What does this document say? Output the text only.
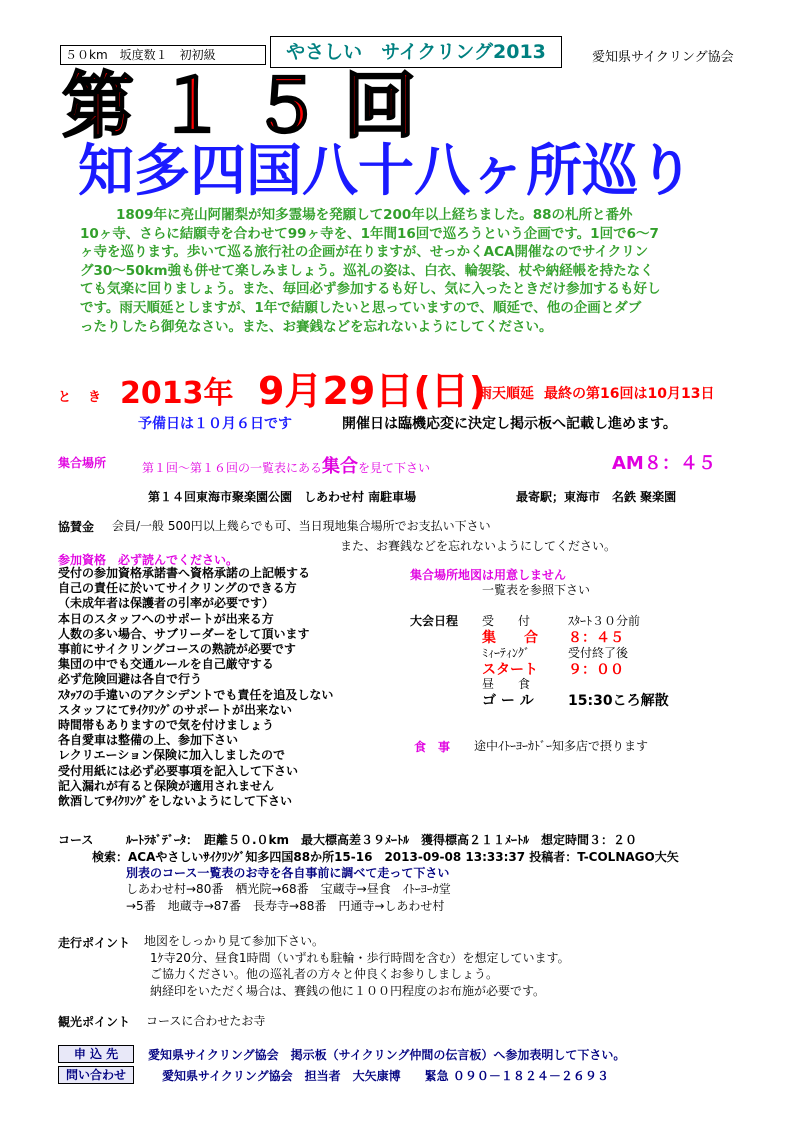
５０km　坂度数１　初初級	やさしい　サイクリング2013	愛知県サイクリング協会
第１５回
知多四国八十八ヶ所巡り
1809年に亮山阿闍梨が知多霊場を発願して200年以上経ちました。88の札所と番外
10ヶ寺、さらに結願寺を合わせて99ヶ寺を、1年間16回で巡ろうという企画です。1回で6～7
ヶ寺を巡ります。歩いて巡る旅行社の企画が在りますが、せっかくACA開催なのでサイクリン
グ30～50km強も併せて楽しみましょう。巡礼の姿は、白衣、輪袈裟、杖や納経帳を持たなく
ても気楽に回りましょう。また、毎回必ず参加するも好し、気に入ったときだけ参加するも好し
です。雨天順延としますが、1年で結願したいと思っていますので、順延で、他の企画とダブ
ったりしたら御免なさい。また、お賽銭などを忘れないようにしてください。
と　き 2013年 9月29日(日)
雨天順延 最終の第16回は10月13日
予備日は１０月６日です	開催日は臨機応変に決定し掲示板へ記載し進めます。
集合場所	第１回～第１６回の一覧表にある集合を見て下さい	AM８：４５
第１４回東海市聚楽園公園　しあわせ村 南駐車場	最寄駅；東海市　名鉄 聚楽園
協賛金 会員/一般 500円以上幾らでも可、当日現地集合場所でお支払い下さい
また、お賽銭などを忘れないようにしてください。
参加資格　必ず読んでください。
受付の参加資格承諾書へ資格承諾の上記帳する
自己の責任に於いてサイクリングのできる方
（未成年者は保護者の引率が必要です）
本日のスタッフへのサポートが出来る方
人数の多い場合、サブリーダーをして頂います
事前にサイクリングコースの熟読が必要です
集団の中でも交通ルールを自己厳守する
必ず危険回避は各自で行う
ｽﾀｯﾌの手違いのアクシデントでも責任を追及しない
スタッフにてｻｲｸﾘﾝｸﾞのサポートが出来ない
時間帯もありますので気を付けましょう
各自愛車は整備の上、参加下さい
レクリエーション保険に加入しましたので
受付用紙には必ず必要事項を記入して下さい
記入漏れが有ると保険が適用されません
飲酒してｻｲｸﾘﾝｸﾞをしないようにして下さい
集合場所地図は用意しません
一覧表を参照下さい
大会日程 受　　付	ｽﾀｰﾄ３０分前
集　　合 ８：４５
ﾐｨｰﾃｨﾝｸﾞ	受付終了後
スタート ９：００
昼　　食
ゴ ー ル 15:30ころ解散
食　事 途中ｲﾄｰﾖｰｶﾄﾞｰ知多店で摂ります
コース	ﾙｰﾄﾗﾎﾞﾃﾞｰﾀ：　距離５０.０km　最大標高差３９ﾒｰﾄﾙ　獲得標高２１１ﾒｰﾄﾙ　想定時間３：２０
検索：ACAやさしいｻｲｸﾘﾝｸﾞ知多四国88か所15-16　2013-09-08 13:33:37 投稿者：T-COLNAGO大矢
別表のコース一覧表のお寺を各自事前に調べて走って下さい
しあわせ村→80番　栖光院→68番　宝蔵寺→昼食　ｲﾄｰﾖｰｶ堂
→5番　地蔵寺→87番　長寿寺→88番　円通寺→しあわせ村
走行ポイント 地図をしっかり見て参加下さい。
1ｹ寺20分、昼食1時間（いずれも駐輪・歩行時間を含む）を想定しています。
ご協力ください。他の巡礼者の方々と仲良くお参りしましょう。
納経印をいただく場合は、賽銭の他に１００円程度のお布施が必要です。
観光ポイント コースに合わせたお寺
申 込 先	愛知県サイクリング協会　掲示板（サイクリング仲間の伝言板）へ参加表明して下さい。
問い合わせ	愛知県サイクリング協会　担当者　大矢康博　　緊急 ０９０－１８２４－２６９３
